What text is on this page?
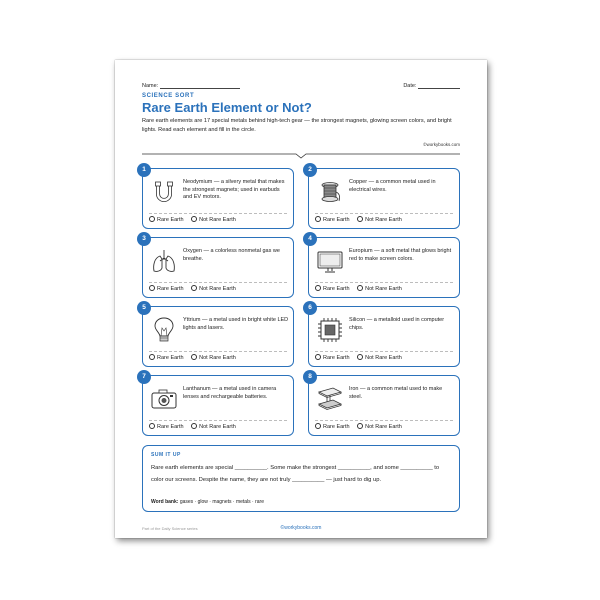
Name:	Date:
SCIENCE SORT
Rare Earth Element or Not?
Rare earth elements are 17 special metals behind high-tech gear — the strongest magnets, glowing screen colors, and bright lights. Read each element and fill in the circle.
©workybooks.com
1
Neodymium — a silvery metal that makes the strongest magnets; used in earbuds and EV motors.
Rare Earth	Not Rare Earth
2
Copper — a common metal used in electrical wires.
Rare Earth	Not Rare Earth
3
Oxygen — a colorless nonmetal gas we breathe.
Rare Earth	Not Rare Earth
4
Europium — a soft metal that glows bright red to make screen colors.
Rare Earth	Not Rare Earth
5
Yttrium — a metal used in bright white LED lights and lasers.
Rare Earth	Not Rare Earth
6
Silicon — a metalloid used in computer chips.
Rare Earth	Not Rare Earth
7
Lanthanum — a metal used in camera lenses and rechargeable batteries.
Rare Earth	Not Rare Earth
8
Iron — a common metal used to make steel.
Rare Earth	Not Rare Earth
SUM IT UP
Rare earth elements are special __________. Some make the strongest __________, and some __________ to color our screens. Despite the name, they are not truly __________ — just hard to dig up.
Word bank: gases · glow · magnets · metals · rare
Part of the Daily Science series	©workybooks.com
